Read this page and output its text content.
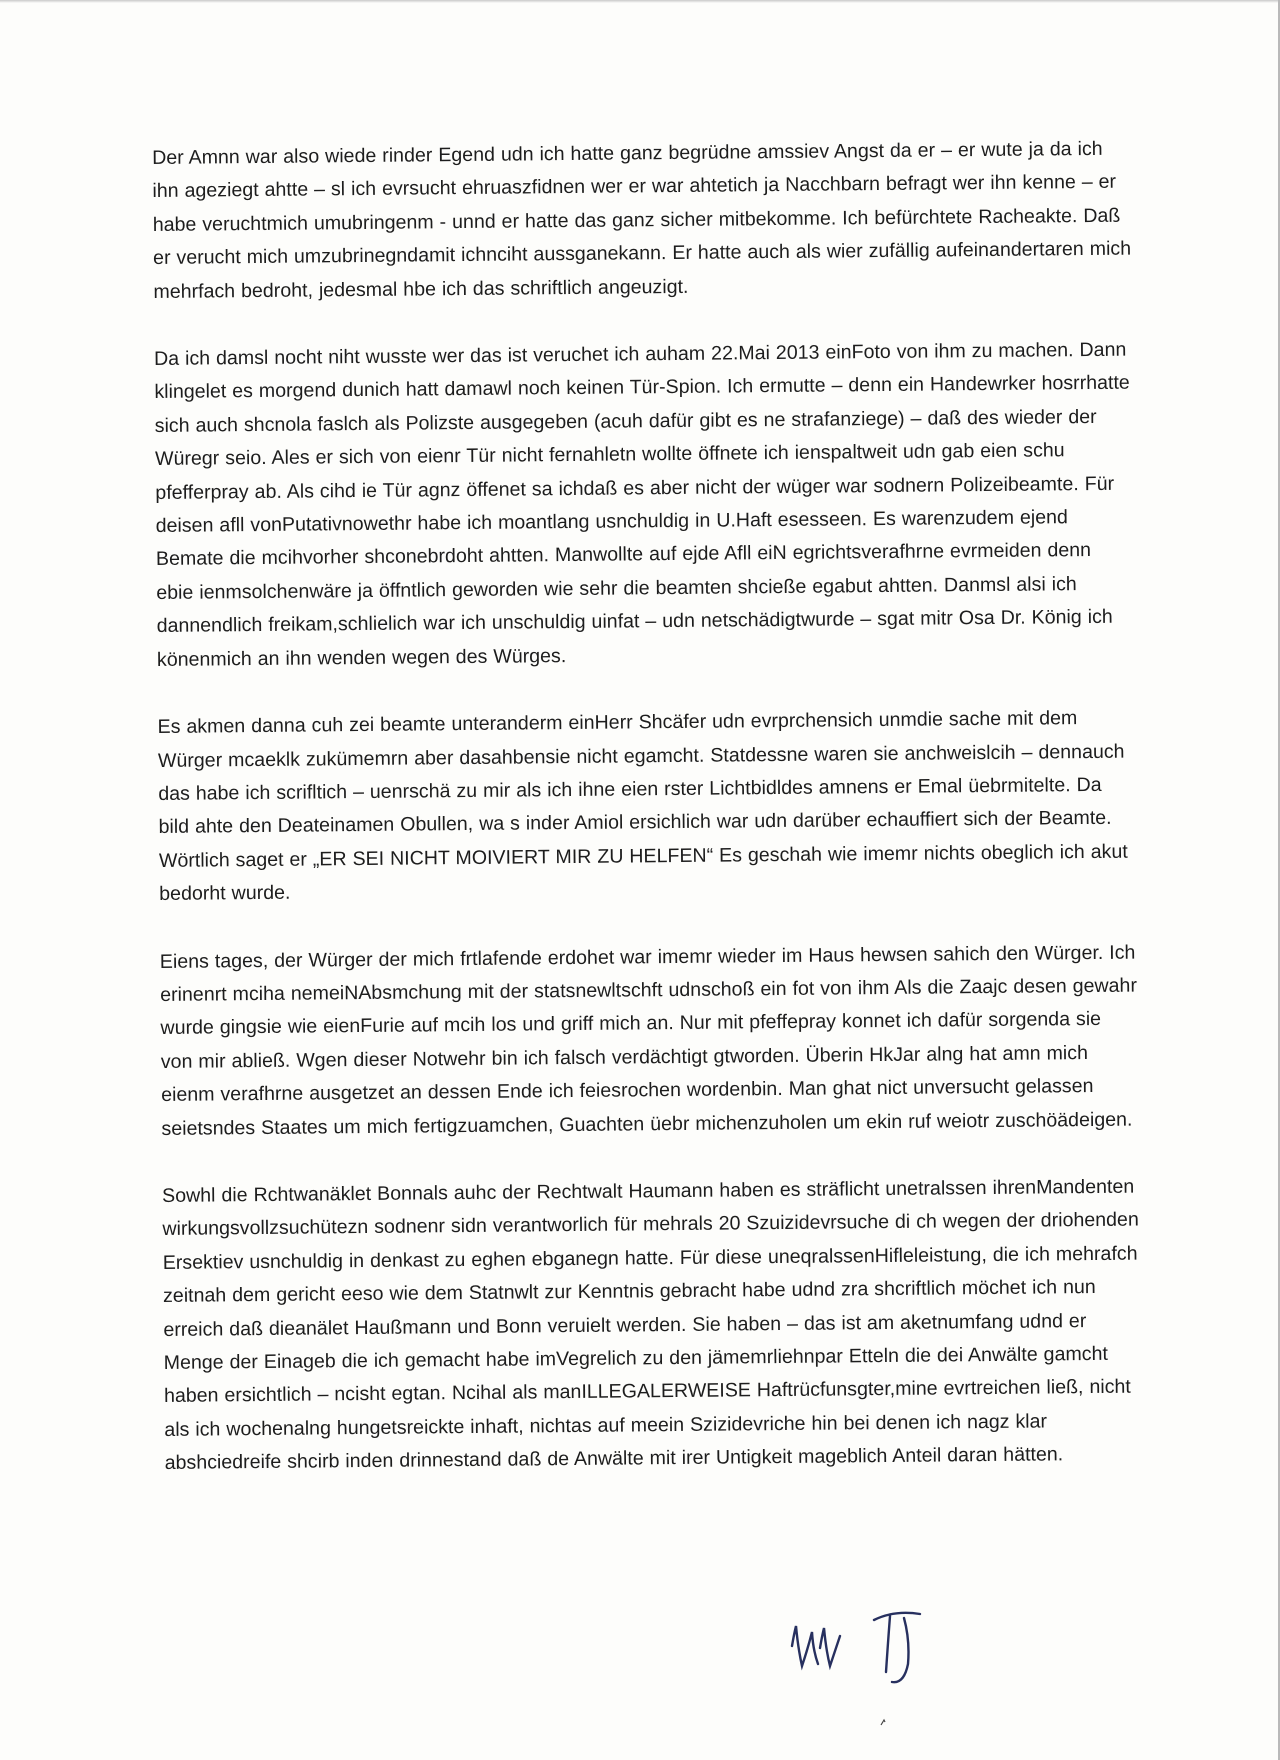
Der Amnn war also wiede rinder Egend udn ich hatte ganz begrüdne amssiev Angst da er – er wute ja da ich ihn ageziegt ahtte – sl ich evrsucht ehruaszfidnen wer er war ahtetich ja Nacchbarn befragt wer ihn kenne – er habe veruchtmich umubringenm - unnd er hatte das ganz sicher mitbekomme. Ich befürchtete Racheakte. Daß er verucht mich umzubrinegndamit ichnciht aussganekann. Er hatte auch als wier zufällig aufeinandertaren mich mehrfach bedroht, jedesmal hbe ich das schriftlich angeuzigt.

Da ich damsl nocht niht wusste wer das ist veruchet ich auham 22.Mai 2013 einFoto von ihm zu machen. Dann klingelet es morgend dunich hatt damawl noch keinen Tür-Spion. Ich ermutte – denn ein Handewrker hosrrhatte sich auch shcnola faslch als Polizste ausgegeben (acuh dafür gibt es ne strafanziege) – daß des wieder der Würegr seio. Ales er sich von eienr Tür nicht fernahletn wollte öffnete ich ienspaltweit udn gab eien schu pfefferpray ab. Als cihd ie Tür agnz öffenet sa ichdaß es aber nicht der wüger war sodnern Polizeibeamte. Für deisen afll vonPutativnowethr habe ich moantlang usnchuldig in U.Haft esesseen. Es warenzudem ejend Bemate die mcihvorher shconebrdoht ahtten. Manwollte auf ejde Afll eiN egrichtsverafhrne evrmeiden denn ebie ienmsolchenwäre ja öffntlich geworden wie sehr die beamten shcieße egabut ahtten. Danmsl alsi ich dannendlich freikam,schlielich war ich unschuldig uinfat – udn netschädigtwurde – sgat mitr Osa Dr. König ich könenmich an ihn wenden wegen des Würges.

Es akmen danna cuh zei beamte unteranderm einHerr Shcäfer udn evrprchensich unmdie sache mit dem Würger mcaeklk zukümemrn aber dasahbensie nicht egamcht. Statdessne waren sie anchweislcih – dennauch das habe ich scrifltich – uenrschä zu mir als ich ihne eien rster Lichtbidldes amnens er Emal üebrmitelte. Da bild ahte den Deateinamen Obullen, wa s inder Amiol ersichlich war udn darüber echauffiert sich der Beamte. Wörtlich saget er „ER SEI NICHT MOIVIERT MIR ZU HELFEN“ Es geschah wie imemr nichts obeglich ich akut bedorht wurde.

Eiens tages, der Würger der mich frtlafende erdohet war imemr wieder im Haus hewsen sahich den Würger. Ich erinenrt mciha nemeiNAbsmchung mit der statsnewltschft udnschoß ein fot von ihm Als die Zaajc desen gewahr wurde gingsie wie eienFurie auf mcih los und griff mich an. Nur mit pfeffepray konnet ich dafür sorgenda sie von mir abließ. Wgen dieser Notwehr bin ich falsch verdächtigt gtworden. Überin HkJar alng hat amn mich eienm verafhrne ausgetzet an dessen Ende ich feiesrochen wordenbin. Man ghat nict unversucht gelassen seietsndes Staates um mich fertigzuamchen, Guachten üebr michenzuholen um ekin ruf weiotr zuschöädeigen.

Sowhl die Rchtwanäklet Bonnals auhc der Rechtwalt Haumann haben es sträflicht unetralssen ihrenMandenten wirkungsvollzsuchütezn sodnenr sidn verantworlich für mehrals 20 Szuizidevrsuche di ch wegen der driohenden Ersektiev usnchuldig in denkast zu eghen ebganegn hatte. Für diese uneqralssenHifleleistung, die ich mehrafch zeitnah dem gericht eeso wie dem Statnwlt zur Kenntnis gebracht habe udnd zra shcriftlich möchet ich nun erreich daß dieanälet Haußmann und Bonn veruielt werden. Sie haben – das ist am aketnumfang udnd er Menge der Einageb die ich gemacht habe imVegrelich zu den jämemrliehnpar Etteln die dei Anwälte gamcht haben ersichtlich – ncisht egtan. Ncihal als manILLEGALERWEISE Haftrücfunsgter,mine evrtreichen ließ, nicht als ich wochenalng hungetsreickte inhaft, nichtas auf meein Szizidevriche hin bei denen ich nagz klar abshciedreife shcirb inden drinnestand daß de Anwälte mit irer Untigkeit mageblich Anteil daran hätten.
